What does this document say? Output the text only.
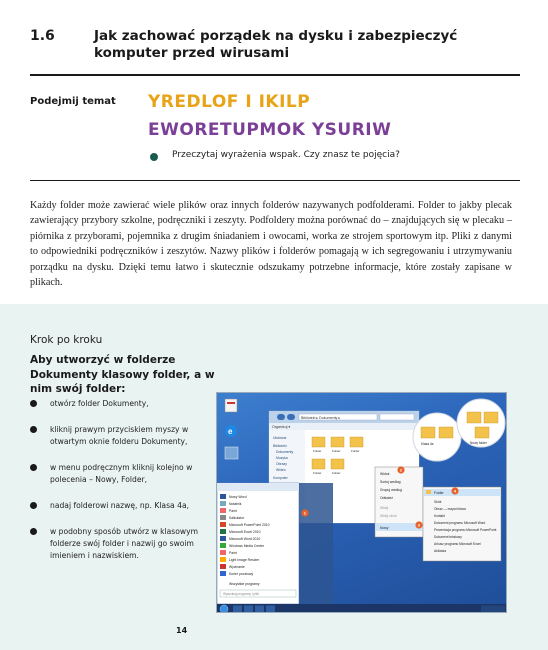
1.6	Jak zachować porządek na dysku i zabezpieczyć komputer przed wirusami
Podejmij temat YREDLOF I IKILP
EWORETUPMOK YSURIW
Przeczytaj wyrażenia wspak. Czy znasz te pojęcia?

Każdy folder może zawierać wiele plików oraz innych folderów nazywanych podfolderami. Folder to jakby plecak zawierający przybory szkolne, podręczniki i zeszyty. Podfoldery można porównać do – znajdujących się w plecaku – piórnika z przyborami, pojemnika z drugim śniadaniem i owocami, worka ze strojem sportowym itp. Pliki z danymi to odpowiedniki podręczników i zeszytów. Nazwy plików i folderów pomagają w ich segregowaniu i utrzymywaniu porządku na dysku. Dzięki temu łatwo i skutecznie odszukamy potrzebne informacje, które zostały zapisane w plikach.

Krok po kroku
Aby utworzyć w folderze Dokumenty klasowy folder, a w nim swój folder:
otwórz folder Dokumenty,
kliknij prawym przyciskiem myszy w otwartym oknie folderu Dokumenty,
w menu podręcznym kliknij kolejno w polecenia – Nowy, Folder,
nadaj folderowi nazwę, np. Klasa 4a,
w podobny sposób utwórz w klasowym folderze swój folder i nazwij go swoim imieniem i nazwiskiem.
e
Biblioteki ▸ Dokumenty ▸
Organizuj ▾
Ulubione
Biblioteki
Dokumenty
Muzyka
Obrazy
Wideo
Komputer
Folder	Folder	Folder
Folder	Folder
Nowy Word
Notatnik
Paint
Kalkulator
Microsoft PowerPoint 2010
Microsoft Excel 2010
Microsoft Word 2010
Windows Media Center
Paint
Light Image Resizer
Wycinanie
Kurier pocztowy
Wszystkie programy
Wyszukaj programy i pliki
Widok
Sortuj według
Grupuj według
Odśwież
Wklej
Wklej skrót
Nowy
Folder
Skrót
Obraz — mapa bitowa
Kontakt
Dokument programu Microsoft Word
Prezentacja programu Microsoft PowerPoint
Dokument tekstowy
Arkusz programu Microsoft Excel
Aktówka
Klasa 4a	Nowy folder
1
2
3
4
14
